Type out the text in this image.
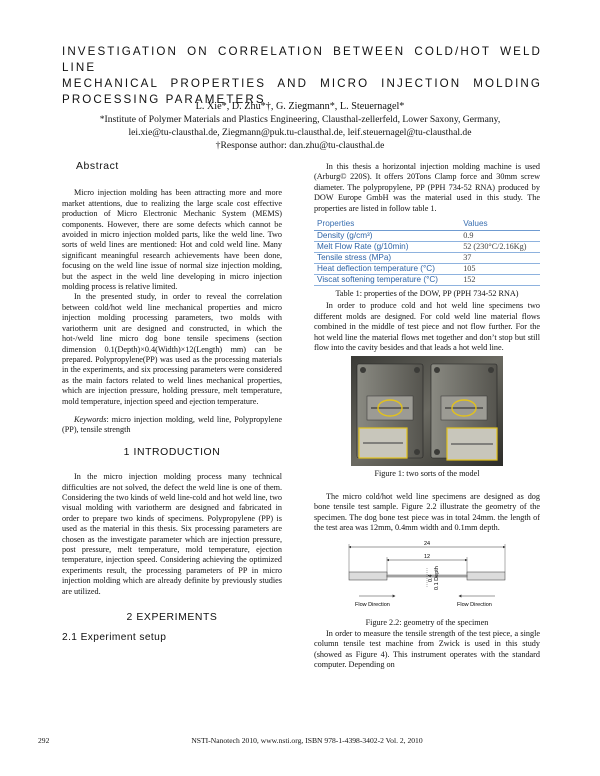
INVESTIGATION ON CORRELATION BETWEEN COLD/HOT WELD LINE
MECHANICAL PROPERTIES AND MICRO INJECTION MOLDING
PROCESSING PARAMETERS
L. Xie*, D. Zhu*†, G. Ziegmann*, L. Steuernagel*
*Institute of Polymer Materials and Plastics Engineering, Clausthal-zellerfeld, Lower Saxony, Germany,
lei.xie@tu-clausthal.de, Ziegmann@puk.tu-clausthal.de, leif.steuernagel@tu-clausthal.de
†Response author: dan.zhu@tu-clausthal.de

Abstract

Micro injection molding has been attracting more and more market attentions, due to realizing the large scale cost effective production of Micro Electronic Mechanic System (MEMS) components. However, there are some defects which cannot be avoided in micro injection molded parts, like the weld line. Two sorts of weld lines are mentioned: Hot and cold weld line. Many significant meaningful research achievements have been done, focusing on the weld line issue of normal size injection molding, but the aspect in the weld line developing in micro injection molding process is relative limited.

In the presented study, in order to reveal the correlation between cold/hot weld line mechanical properties and micro injection molding processing parameters, two molds with variotherm unit are designed and constructed, in which the hot-/weld line micro dog bone tensile specimens (section dimension 0.1(Depth)×0.4(Width)×12(Length) mm) can be prepared. Polypropylene(PP) was used as the processing materials in the experiments, and six processing parameters were considered as the main factors related to weld lines mechanical properties, which are injection pressure, holding pressure, melt temperature, mold temperature, injection speed and ejection temperature.

Keywords: micro injection molding, weld line, Polypropylene (PP), tensile strength

1 INTRODUCTION

In the micro injection molding process many technical difficulties are not solved, the defect the weld line is one of them. Considering the two kinds of weld line-cold and hot weld line, two visual molding with variotherm are designed and fabricated in order to prepare two kinds of specimens. Polypropylene (PP) is used as the material in this thesis. Six processing parameters are chosen as the investigate parameter which are injection pressure, post pressure, melt temperature, mold temperature, ejection temperature, injection speed. Considering achieving the optimized experiments result, the processing parameters of PP in micro injection molding which are already definite by previously studies are utilized.

2 EXPERIMENTS

2.1 Experiment setup

In this thesis a horizontal injection molding machine is used (Arburg© 220S). It offers 20Tons Clamp force and 30mm screw diameter. The polypropylene, PP (PPH 734-52 RNA) produced by DOW Europe GmbH was the material used in this study. The properties are listed in follow table 1.

Properties	Values
Density (g/cm³)	0.9
Melt Flow Rate (g/10min)	52 (230°C/2.16Kg)
Tensile stress (MPa)	37
Heat deflection temperature (°C)	105
Viscat softening temperature (°C)	152

Table 1: properties of the DOW, PP (PPH 734-52 RNA)

In order to produce cold and hot weld line specimens two different molds are designed. For cold weld line material flows combined in the middle of test piece and not flow further. For the hot weld line the material flows met together and don’t stop but still flow into the cavity besides and that leads a hot weld line.

Figure 1: two sorts of the model

The micro cold/hot weld line specimens are designed as dog bone tensile test sample. Figure 2.2 illustrate the geometry of the specimen. The dog bone test piece was in total 24mm. the length of the test area was 12mm, 0.4mm width and 0.1mm depth.

24
12
0.4 0.1 Depth
Flow Direction	Flow Direction

Figure 2.2: geometry of the specimen

In order to measure the tensile strength of the test piece, a single column tensile test machine from Zwick is used in this study (showed as Figure 4). This instrument operates with the standard computer. Depending on

292	NSTI-Nanotech 2010, www.nsti.org, ISBN 978-1-4398-3402-2 Vol. 2, 2010
